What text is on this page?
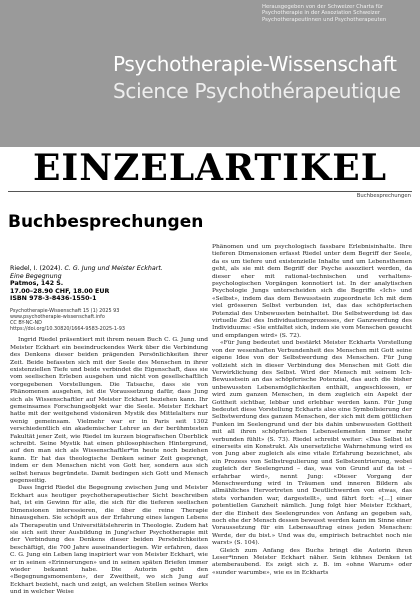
Herausgegeben von der Schweizer Charta für
Psychotherapie in der Assoziation Schweizer
Psychotherapeutinnen und Psychotherapeuten
Psychotherapie-Wissenschaft
Science Psychothérapeutique
EINZELARTIKEL
Buchbesprechungen
Buchbesprechungen
Riedel, I. (2024). C. G. Jung und Meister Eckhart.
Eine Begegnung
Patmos, 142 S.
17.00–28.90 CHF, 18.00 EUR
ISBN 978-3-8436-1550-1
Psychotherapie-Wissenschaft 15 (1) 2025 93
www.psychotherapie-wissenschaft.info
CC BY-NC-ND
https://doi.org/10.30820/1664-9583-2025-1-93

Ingrid Riedel präsentiert mit ihrem neuen Buch C. G. Jung und Meister Eckhart ein beeindruckendes Werk über die Verbindung des Denkens dieser beiden prägenden Persönlichkeiten ihrer Zeit. Beide befassten sich mit der Seele des Menschen in ihrer existenziellen Tiefe und beide verbindet die Eigenschaft, dass sie vom seelischen Erleben ausgehen und nicht von gesellschaftlich vorgegebenen Vorstellungen. Die Tatsache, dass sie von Phänomenen ausgehen, ist die Voraussetzung dafür, dass Jung sich als Wissenschaftler auf Meister Eckhart beziehen kann. Ihr gemeinsames Forschungsobjekt war die Seele. Meister Eckhart hatte mit der weitgehend visionären Mystik des Mittelalters nur wenig gemeinsam. Vielmehr war er in Paris seit 1302 verschiedentlich ein akademischer Lehrer an der berühmtesten Fakultät jener Zeit, wie Riedel im kurzen biografischen Überblick schreibt. Seine Mystik hat einen philosophischen Hintergrund, auf den man sich als Wissenschaftler*in heute noch beziehen kann. Er hat das theologische Denken seiner Zeit gesprengt, indem er den Menschen nicht von Gott her, sondern aus sich selbst heraus begründete. Damit bedingen sich Gott und Mensch gegenseitig.

Dass Ingrid Riedel die Begegnung zwischen Jung und Meister Eckhart aus heutiger psychotherapeutischer Sicht beschreiben hat, ist ein Gewinn für alle, die sich für die tieferen seelischen Dimensionen interessieren, die über die reine Therapie hinausgehen. Sie schöpft aus der Erfahrung eines langen Lebens als Therapeutin und Universitätslehrerin in Theologie. Zudem hat sie sich seit ihrer Ausbildung in Jung'scher Psychotherapie mit der Verbindung des Denkens dieser beiden Persönlichkeiten beschäftigt, die 700 Jahre auseinanderliegen. Wir erfahren, dass C. G. Jung ein Leben lang inspiriert war von Meister Eckhart, wie er in seinen «Erinnerungen» und in seinen späten Briefen immer wieder bekannt habe. Die Autorin geht den «Begegnungsmomenten», der Zweitheit, wo sich Jung auf Eckhart bezieht, nach und zeigt, an welchen Stellen seines Werks und in welcher Weise

Phänomen und um psychologisch fassbare Erlebnisinhalte. Ihre tieferen Dimensionen erfasst Riedel unter dem Begriff der Seele, da es um tiefere und existenzielle Inhalte und um Lebensthemen geht, als sie mit dem Begriff der Psyche assoziiert werden, da dieser eher mit rational-technischen und verhaltens-psychologischen Vorgängen konnotiert ist. In der analytischen Psychologie Jungs unterscheiden sich die Begriffe «Ich» und «Selbst», indem das dem Bewusstsein zugeordnete Ich mit dem viel grösseren Selbst verbunden ist, das das schöpferischen Potenzial des Unbewussten beinhaltet. Die Selbstwerdung ist das virtuelle Ziel des Individuationsprozesses, der Ganzwerdung des Individuums: «Sie entfaltet sich, indem sie vom Menschen gesucht und empfangen wird» (S. 72).

«Für Jung bedeutet und bestärkt Meister Eckharts Vorstellung von der wesenhaften Verbundenheit des Menschen mit Gott seine eigene Idee von der Selbstwerdung des Menschen. Für Jung vollzieht sich in dieser Verbindung des Menschen mit Gott die Verwirklichung des Selbst. Wird der Mensch mit seinem Ich-Bewusstsein an das schöpferische Potenzial, das auch die bisher unbewussten Lebensmöglichkeiten enthält, angeschlossen, er wird zum ganzen Menschen, in dem zugleich ein Aspekt der Gottheit sichtbar, lebbar und erlebbar werden kann. Für Jung bedeutet diese Vorstellung Eckharts also eine Symbolisierung der Selbstwerdung des ganzen Menschen, der sich mit dem göttlichen Funken im Seelengrund und der bis dahin unbewussten Gottheit mit all ihren schöpferischen Lebenselementen immer mehr verbunden fühlt» (S. 73). Riedel schreibt weiter: «Das Selbst ist einerseits ein Konstrukt. Als unersetzliche Wahrnehmung wird es von Jung aber zugleich als eine vitale Erfahrung bezeichnet, als ein Prozess von Selbstregulierung und Selbstzentrierung, wobei zugleich der Seelengrund – das, was von Grund auf da ist – erfahrbar wird», nennt Jung: «Dieser Vorgang der Menschwerdung wird in Träumen und inneren Bildern als allmähliches Hervortreten und Deutlichwerden von etwas, das stets vorhanden war, dargestellt», und fährt fort: «[...] einer potentiellen Ganzheit nämlich. Jung folgt hier Meister Eckhart, der die Einheit des Seelengrundes von Anfang an gegeben sah, noch ehe der Mensch dessen bewusst werden kann im Sinne einer Voraussetzung für ein Lebensauftrag eines jeden Menschen: Werde, der du bist.» Und was du, empirisch betrachtet noch nie warst» (S. 104).

Gleich zum Anfang des Buchs bringt die Autorin ihren Leser*innen Meister Eckhart näher. Sein kühnes Denken ist atemberaubend. Es zeigt sich z. B. im «ohne Warum» oder «sunder warumbe», wie es in Eckharts
